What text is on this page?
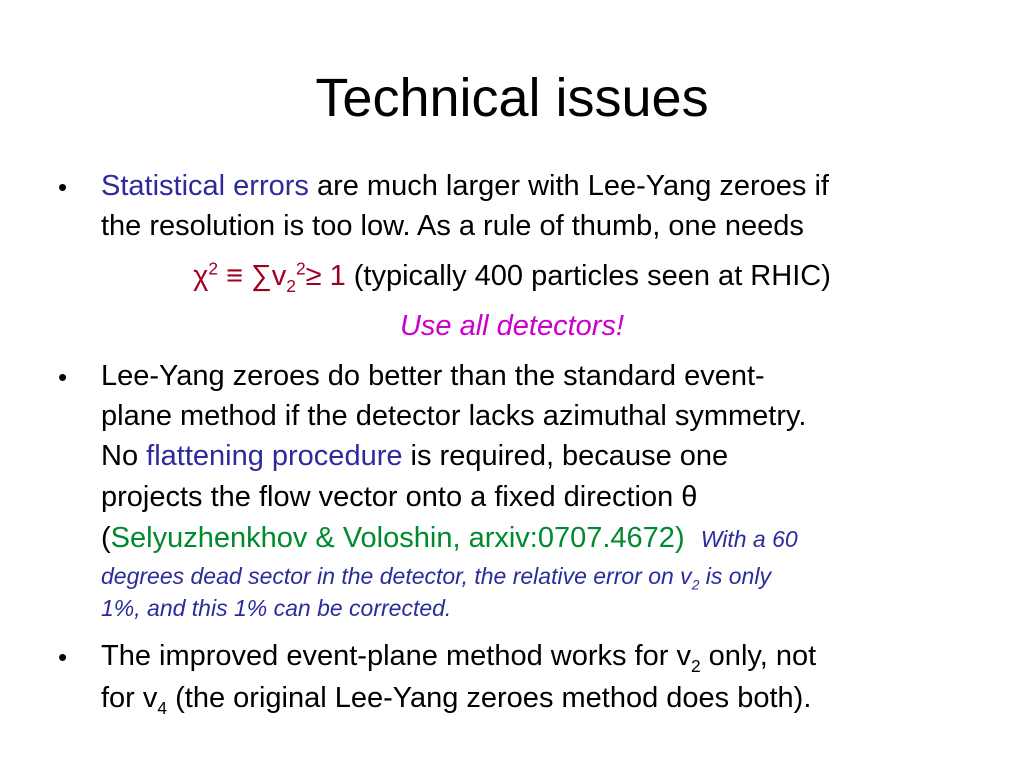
Technical issues
• Statistical errors are much larger with Lee-Yang zeroes if
the resolution is too low. As a rule of thumb, one needs
$\chi^2 \equiv \sum v_2^2\ge 1$ (typically 400 particles seen at RHIC)
Use all detectors!
• Lee-Yang zeroes do better than the standard event-
plane method if the detector lacks azimuthal symmetry.
No flattening procedure is required, because one
projects the flow vector onto a fixed direction θ
(Selyuzhenkhov & Voloshin, arxiv:0707.4672) With a 60
degrees dead sector in the detector, the relative error on $v_2$ is only
1%, and this 1% can be corrected.
• The improved event-plane method works for $v_2$ only, not
for $v_4$ (the original Lee-Yang zeroes method does both).
